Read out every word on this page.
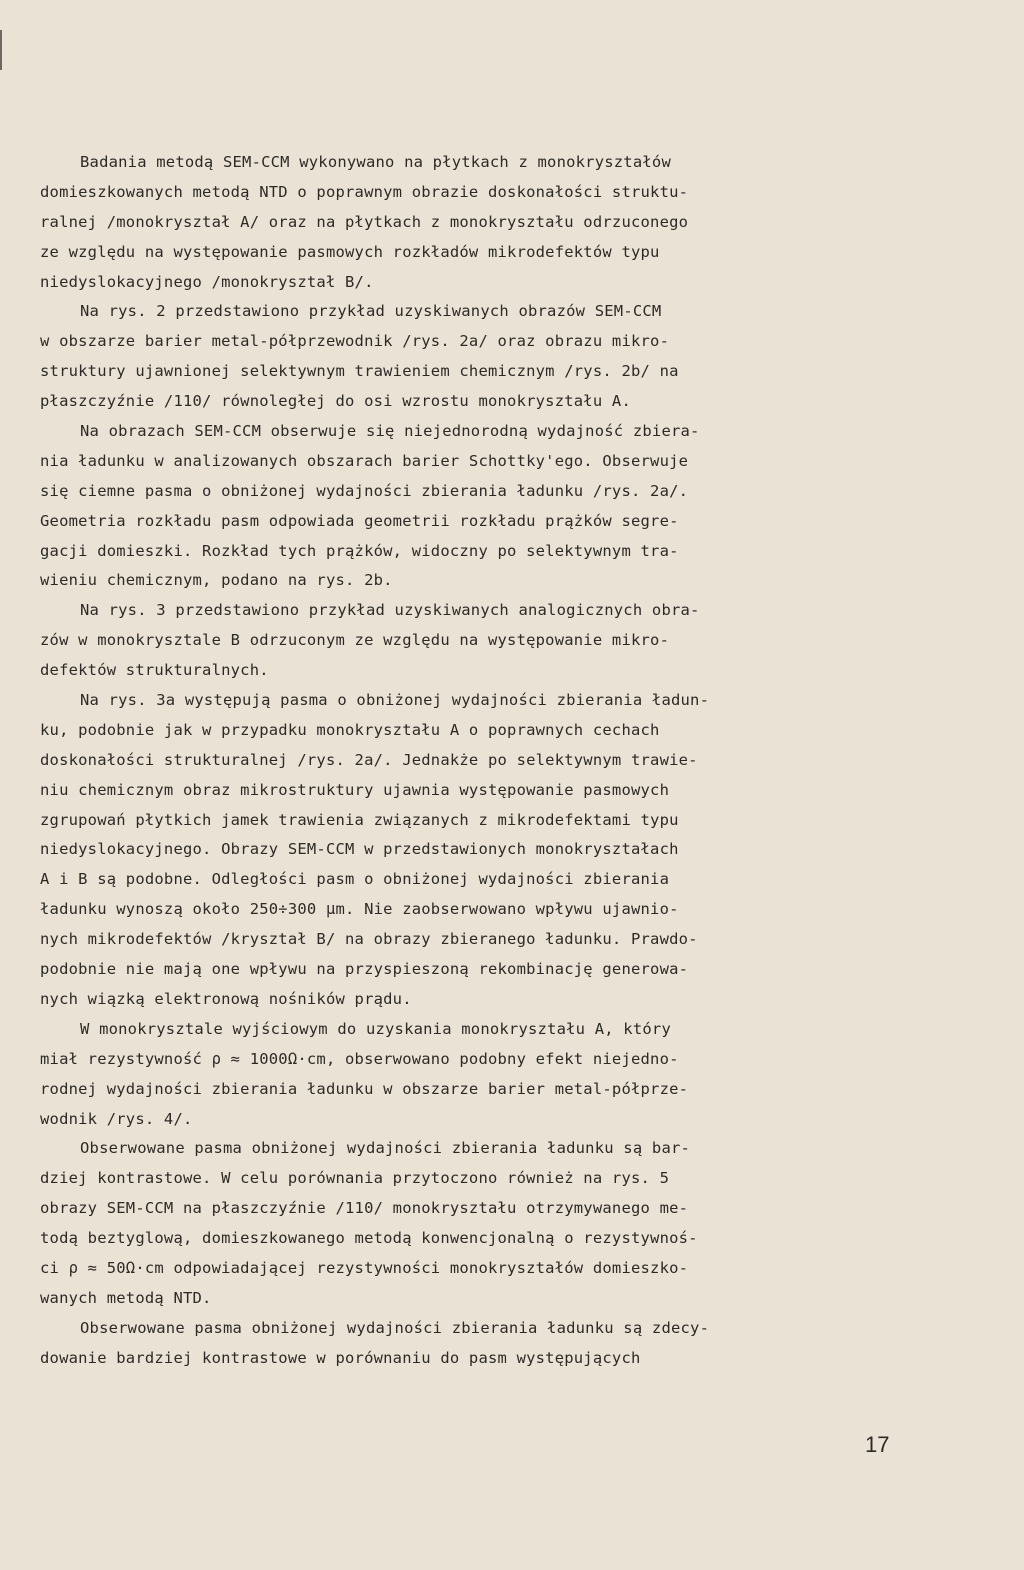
Badania metodą SEM-CCM wykonywano na płytkach z monokryształów
domieszkowanych metodą NTD o poprawnym obrazie doskonałości struktu-
ralnej /monokryształ A/ oraz na płytkach z monokryształu odrzuconego
ze względu na występowanie pasmowych rozkładów mikrodefektów typu
niedyslokacyjnego /monokryształ B/.
Na rys. 2 przedstawiono przykład uzyskiwanych obrazów SEM-CCM
w obszarze barier metal-półprzewodnik /rys. 2a/ oraz obrazu mikro-
struktury ujawnionej selektywnym trawieniem chemicznym /rys. 2b/ na
płaszczyźnie /110/ równoległej do osi wzrostu monokryształu A.
Na obrazach SEM-CCM obserwuje się niejednorodną wydajność zbiera-
nia ładunku w analizowanych obszarach barier Schottky'ego. Obserwuje
się ciemne pasma o obniżonej wydajności zbierania ładunku /rys. 2a/.
Geometria rozkładu pasm odpowiada geometrii rozkładu prążków segre-
gacji domieszki. Rozkład tych prążków, widoczny po selektywnym tra-
wieniu chemicznym, podano na rys. 2b.
Na rys. 3 przedstawiono przykład uzyskiwanych analogicznych obra-
zów w monokrysztale B odrzuconym ze względu na występowanie mikro-
defektów strukturalnych.
Na rys. 3a występują pasma o obniżonej wydajności zbierania ładun-
ku, podobnie jak w przypadku monokryształu A o poprawnych cechach
doskonałości strukturalnej /rys. 2a/. Jednakże po selektywnym trawie-
niu chemicznym obraz mikrostruktury ujawnia występowanie pasmowych
zgrupowań płytkich jamek trawienia związanych z mikrodefektami typu
niedyslokacyjnego. Obrazy SEM-CCM w przedstawionych monokryształach
A i B są podobne. Odległości pasm o obniżonej wydajności zbierania
ładunku wynoszą około 250÷300 μm. Nie zaobserwowano wpływu ujawnio-
nych mikrodefektów /kryształ B/ na obrazy zbieranego ładunku. Prawdo-
podobnie nie mają one wpływu na przyspieszoną rekombinację generowa-
nych wiązką elektronową nośników prądu.
W monokrysztale wyjściowym do uzyskania monokryształu A, który
miał rezystywność ρ ≈ 1000Ω·cm, obserwowano podobny efekt niejedno-
rodnej wydajności zbierania ładunku w obszarze barier metal-półprze-
wodnik /rys. 4/.
Obserwowane pasma obniżonej wydajności zbierania ładunku są bar-
dziej kontrastowe. W celu porównania przytoczono również na rys. 5
obrazy SEM-CCM na płaszczyźnie /110/ monokryształu otrzymywanego me-
todą beztyglową, domieszkowanego metodą konwencjonalną o rezystywnoś-
ci ρ ≈ 50Ω·cm odpowiadającej rezystywności monokryształów domieszko-
wanych metodą NTD.
Obserwowane pasma obniżonej wydajności zbierania ładunku są zdecy-
dowanie bardziej kontrastowe w porównaniu do pasm występujących
17
